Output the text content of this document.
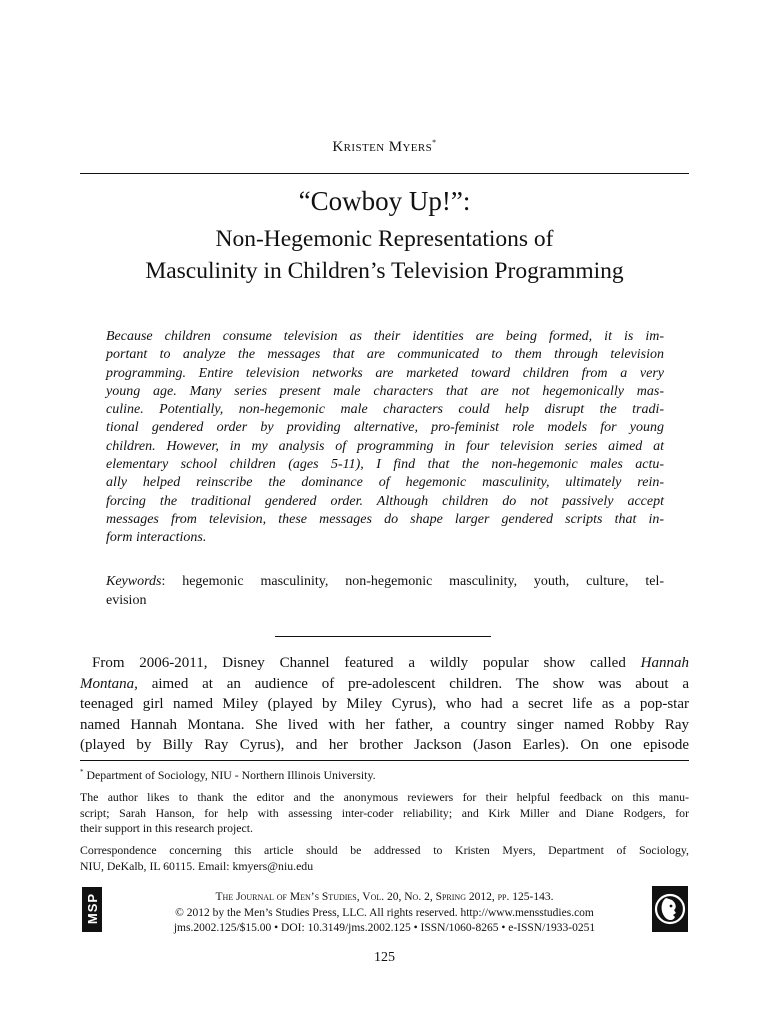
Kristen Myers*
“Cowboy Up!”:
Non-Hegemonic Representations of
Masculinity in Children’s Television Programming
Because children consume television as their identities are being formed, it is im-
portant to analyze the messages that are communicated to them through television
programming. Entire television networks are marketed toward children from a very
young age. Many series present male characters that are not hegemonically mas-
culine. Potentially, non-hegemonic male characters could help disrupt the tradi-
tional gendered order by providing alternative, pro-feminist role models for young
children. However, in my analysis of programming in four television series aimed at
elementary school children (ages 5-11), I find that the non-hegemonic males actu-
ally helped reinscribe the dominance of hegemonic masculinity, ultimately rein-
forcing the traditional gendered order. Although children do not passively accept
messages from television, these messages do shape larger gendered scripts that in-
form interactions.
Keywords: hegemonic masculinity, non-hegemonic masculinity, youth, culture, tel-
evision
From 2006-2011, Disney Channel featured a wildly popular show called Hannah
Montana, aimed at an audience of pre-adolescent children. The show was about a
teenaged girl named Miley (played by Miley Cyrus), who had a secret life as a pop-star
named Hannah Montana. She lived with her father, a country singer named Robby Ray
(played by Billy Ray Cyrus), and her brother Jackson (Jason Earles). On one episode
* Department of Sociology, NIU - Northern Illinois University.
The author likes to thank the editor and the anonymous reviewers for their helpful feedback on this manu-
script; Sarah Hanson, for help with assessing inter-coder reliability; and Kirk Miller and Diane Rodgers, for
their support in this research project.
Correspondence concerning this article should be addressed to Kristen Myers, Department of Sociology,
NIU, DeKalb, IL 60115. Email: kmyers@niu.edu
MSP	The Journal of Men’s Studies, Vol. 20, No. 2, Spring 2012, pp. 125-143.
© 2012 by the Men’s Studies Press, LLC. All rights reserved. http://www.mensstudies.com
jms.2002.125/$15.00 • DOI: 10.3149/jms.2002.125 • ISSN/1060-8265 • e-ISSN/1933-0251
125
